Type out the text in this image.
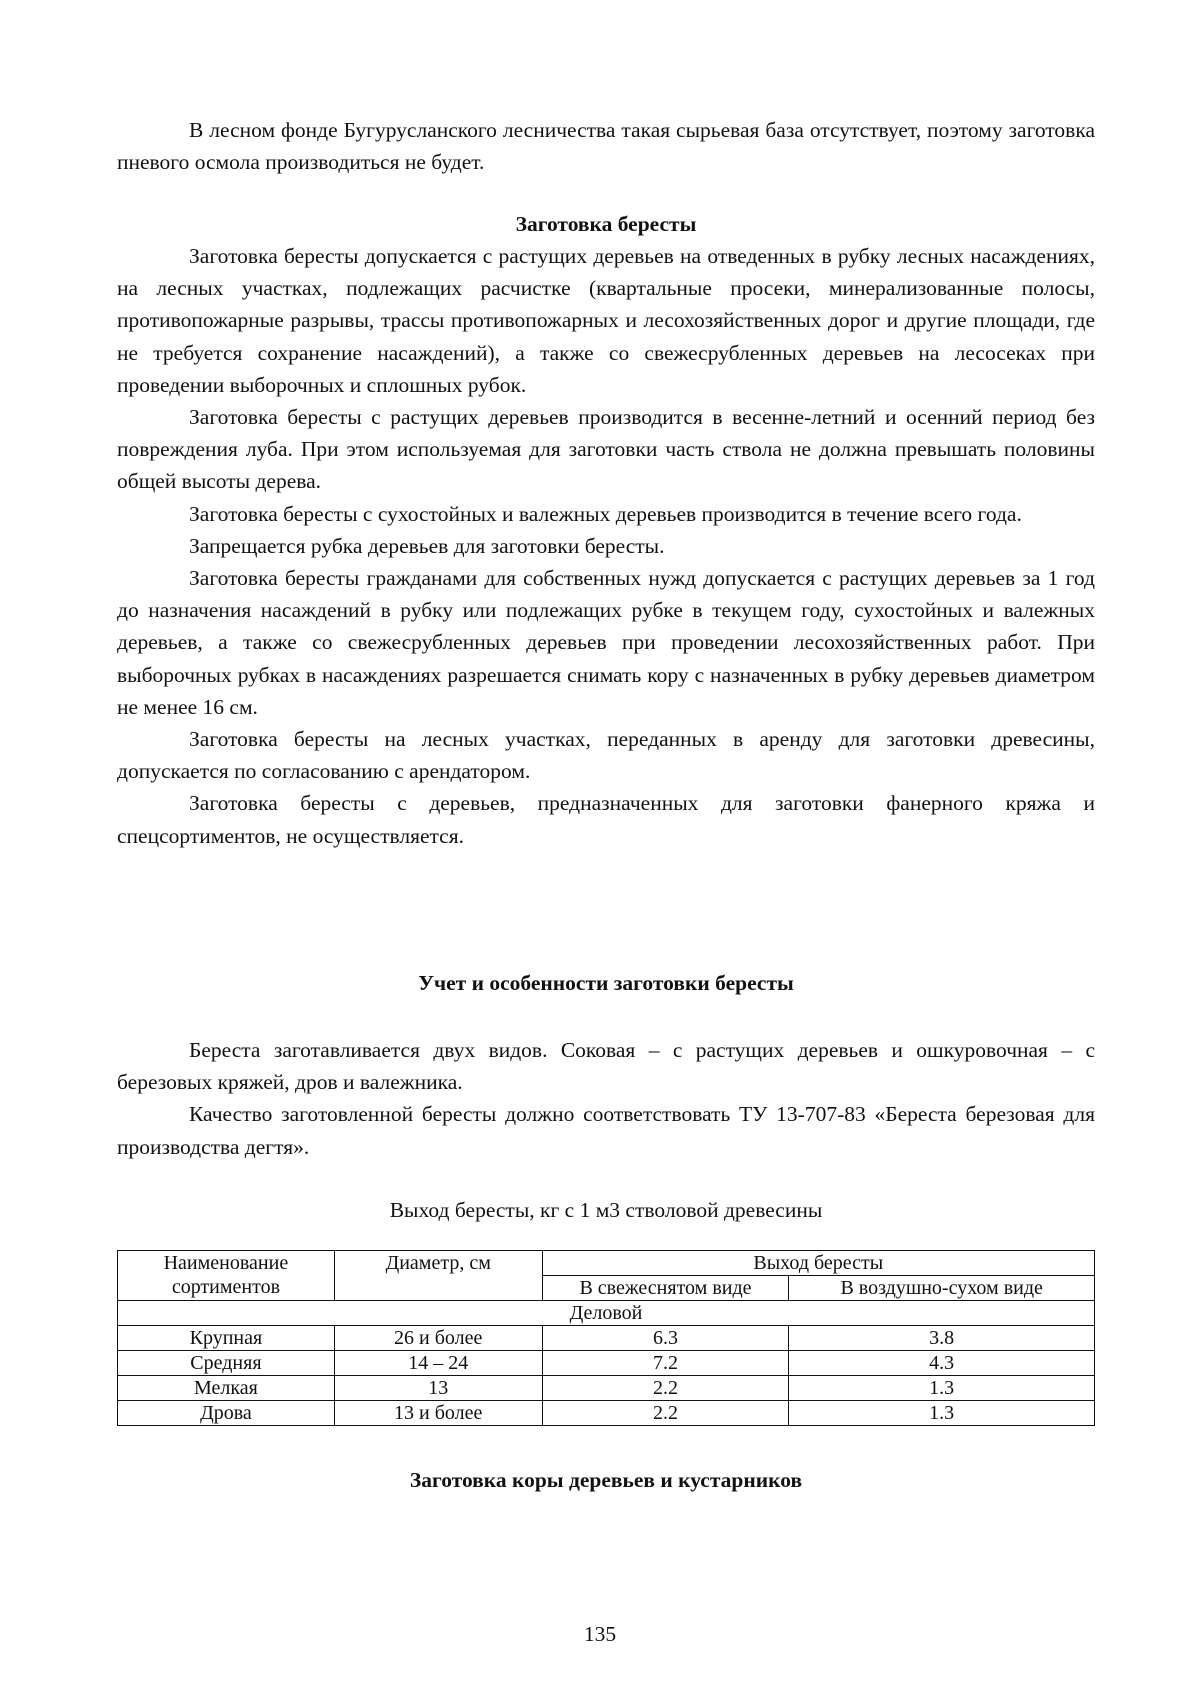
В лесном фонде Бугурусланского лесничества такая сырьевая база отсутствует, поэтому заготовка пневого осмола производиться не будет.

Заготовка бересты

Заготовка бересты допускается с растущих деревьев на отведенных в рубку лесных насаждениях, на лесных участках, подлежащих расчистке (квартальные просеки, минерализованные полосы, противопожарные разрывы, трассы противопожарных и лесохозяйственных дорог и другие площади, где не требуется сохранение насаждений), а также со свежесрубленных деревьев на лесосеках при проведении выборочных и сплошных рубок.

Заготовка бересты с растущих деревьев производится в весенне-летний и осенний период без повреждения луба. При этом используемая для заготовки часть ствола не должна превышать половины общей высоты дерева.

Заготовка бересты с сухостойных и валежных деревьев производится в течение всего года.

Запрещается рубка деревьев для заготовки бересты.

Заготовка бересты гражданами для собственных нужд допускается с растущих деревьев за 1 год до назначения насаждений в рубку или подлежащих рубке в текущем году, сухостойных и валежных деревьев, а также со свежесрубленных деревьев при проведении лесохозяйственных работ. При выборочных рубках в насаждениях разрешается снимать кору с назначенных в рубку деревьев диаметром не менее 16 см.

Заготовка бересты на лесных участках, переданных в аренду для заготовки древесины, допускается по согласованию с арендатором.

Заготовка бересты с деревьев, предназначенных для заготовки фанерного кряжа и спецсортиментов, не осуществляется.

Учет и особенности заготовки бересты

Береста заготавливается двух видов. Соковая – с растущих деревьев и ошкуровочная – с березовых кряжей, дров и валежника.

Качество заготовленной бересты должно соответствовать ТУ 13-707-83 «Береста березовая для производства дегтя».

Выход бересты, кг с 1 м3 стволовой древесины

Наименование сортиментов	Диаметр, см	Выход бересты	
		В свежеснятом виде	В воздушно-сухом виде
Деловой			
Крупная	26 и более	6.3	3.8
Средняя	14 – 24	7.2	4.3
Мелкая	13	2.2	1.3
Дрова	13 и более	2.2	1.3
Заготовка коры деревьев и кустарников
135
